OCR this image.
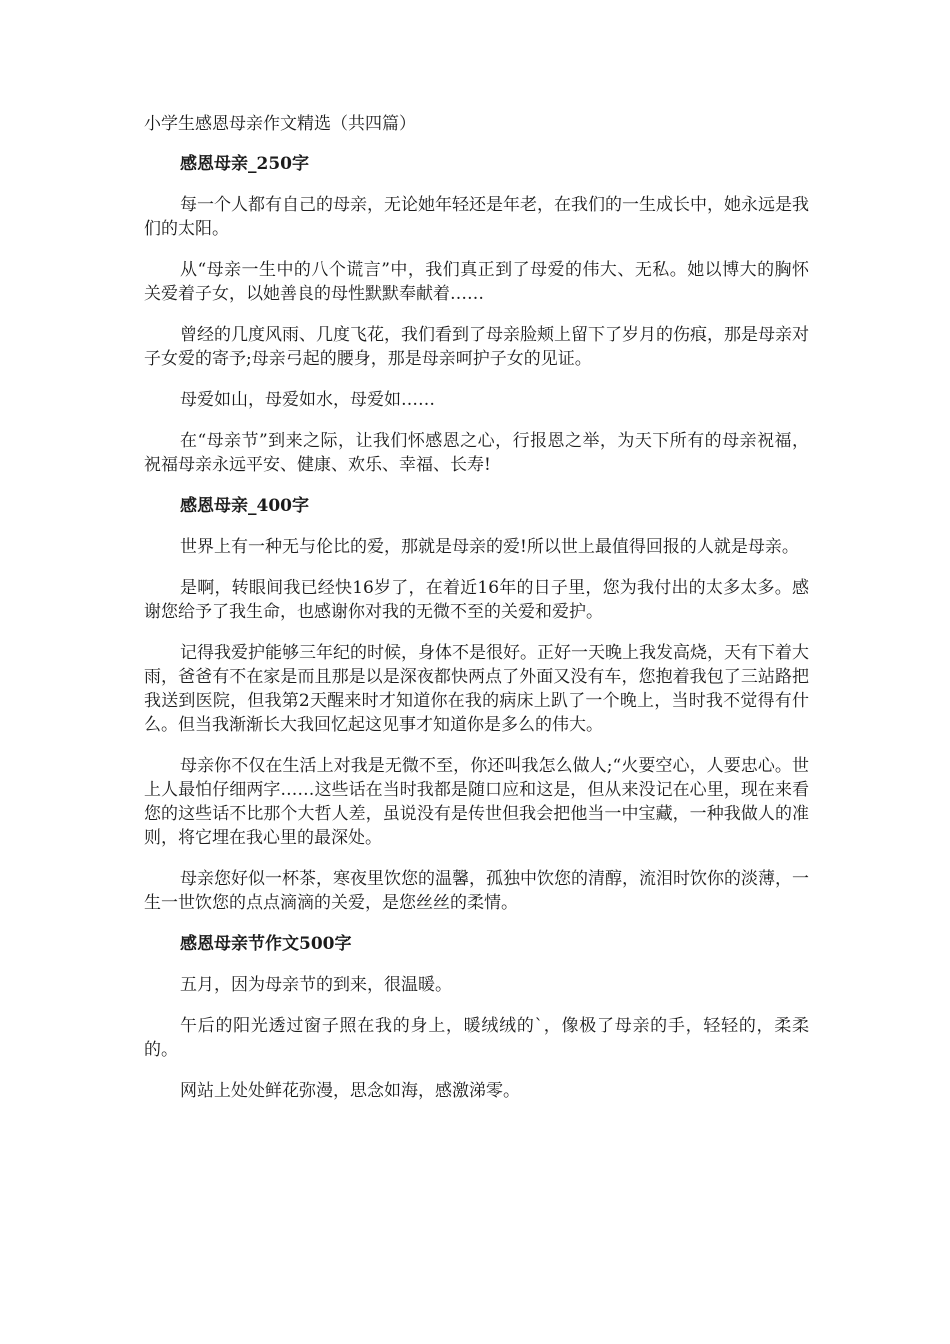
小学生感恩母亲作文精选（共四篇）
感恩母亲_250字

每一个人都有自己的母亲，无论她年轻还是年老，在我们的一生成长中，她永远是我们的太阳。

从“母亲一生中的八个谎言”中，我们真正到了母爱的伟大、无私。她以博大的胸怀关爱着子女，以她善良的母性默默奉献着……

曾经的几度风雨、几度飞花，我们看到了母亲脸颊上留下了岁月的伤痕，那是母亲对子女爱的寄予;母亲弓起的腰身，那是母亲呵护子女的见证。

母爱如山，母爱如水，母爱如……

在“母亲节”到来之际，让我们怀感恩之心，行报恩之举，为天下所有的母亲祝福，祝福母亲永远平安、健康、欢乐、幸福、长寿!

感恩母亲_400字

世界上有一种无与伦比的爱，那就是母亲的爱!所以世上最值得回报的人就是母亲。

是啊，转眼间我已经快16岁了，在着近16年的日子里，您为我付出的太多太多。感谢您给予了我生命，也感谢你对我的无微不至的关爱和爱护。

记得我爱护能够三年纪的时候，身体不是很好。正好一天晚上我发高烧，天有下着大雨，爸爸有不在家是而且那是以是深夜都快两点了外面又没有车，您抱着我包了三站路把我送到医院，但我第2天醒来时才知道你在我的病床上趴了一个晚上，当时我不觉得有什么。但当我渐渐长大我回忆起这见事才知道你是多么的伟大。

母亲你不仅在生活上对我是无微不至，你还叫我怎么做人;“火要空心，人要忠心。世上人最怕仔细两字……这些话在当时我都是随口应和这是，但从来没记在心里，现在来看您的这些话不比那个大哲人差，虽说没有是传世但我会把他当一中宝藏，一种我做人的准则，将它埋在我心里的最深处。

母亲您好似一杯茶，寒夜里饮您的温馨，孤独中饮您的清醇，流泪时饮你的淡薄，一生一世饮您的点点滴滴的关爱，是您丝丝的柔情。

感恩母亲节作文500字

五月，因为母亲节的到来，很温暖。

午后的阳光透过窗子照在我的身上，暖绒绒的`，像极了母亲的手，轻轻的，柔柔的。

网站上处处鲜花弥漫，思念如海，感激涕零。
